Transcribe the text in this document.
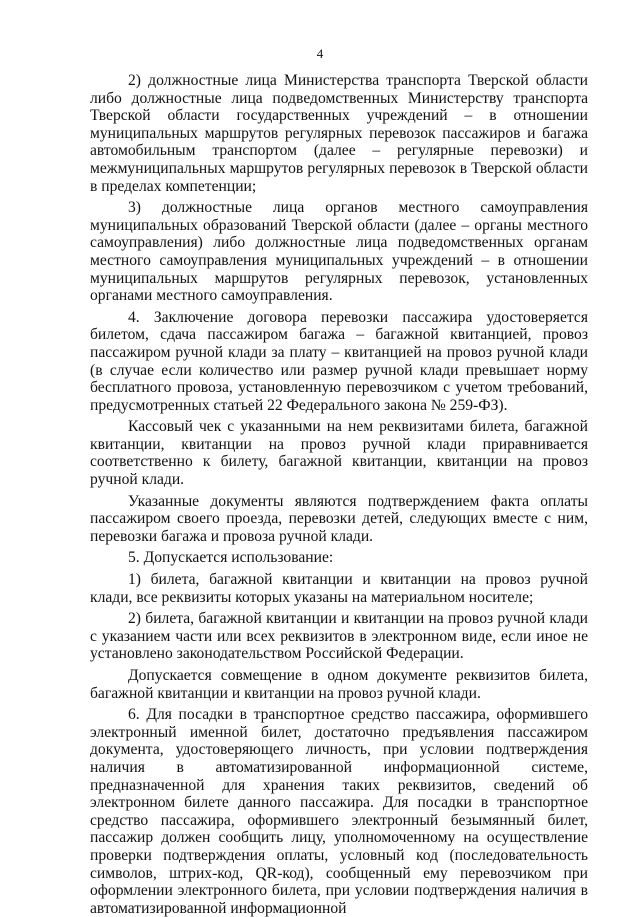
4

2) должностные лица Министерства транспорта Тверской области либо должностные лица подведомственных Министерству транспорта Тверской области государственных учреждений – в отношении муниципальных маршрутов регулярных перевозок пассажиров и багажа автомобильным транспортом (далее – регулярные перевозки) и межмуниципальных маршрутов регулярных перевозок в Тверской области в пределах компетенции;

3) должностные лица органов местного самоуправления муниципальных образований Тверской области (далее – органы местного самоуправления) либо должностные лица подведомственных органам местного самоуправления муниципальных учреждений – в отношении муниципальных маршрутов регулярных перевозок, установленных органами местного самоуправления.

4. Заключение договора перевозки пассажира удостоверяется билетом, сдача пассажиром багажа – багажной квитанцией, провоз пассажиром ручной клади за плату – квитанцией на провоз ручной клади (в случае если количество или размер ручной клади превышает норму бесплатного провоза, установленную перевозчиком с учетом требований, предусмотренных статьей 22 Федерального закона № 259-ФЗ).

Кассовый чек с указанными на нем реквизитами билета, багажной квитанции, квитанции на провоз ручной клади приравнивается соответственно к билету, багажной квитанции, квитанции на провоз ручной клади.

Указанные документы являются подтверждением факта оплаты пассажиром своего проезда, перевозки детей, следующих вместе с ним, перевозки багажа и провоза ручной клади.

5. Допускается использование:

1) билета, багажной квитанции и квитанции на провоз ручной клади, все реквизиты которых указаны на материальном носителе;

2) билета, багажной квитанции и квитанции на провоз ручной клади с указанием части или всех реквизитов в электронном виде, если иное не установлено законодательством Российской Федерации.

Допускается совмещение в одном документе реквизитов билета, багажной квитанции и квитанции на провоз ручной клади.

6. Для посадки в транспортное средство пассажира, оформившего электронный именной билет, достаточно предъявления пассажиром документа, удостоверяющего личность, при условии подтверждения наличия в автоматизированной информационной системе, предназначенной для хранения таких реквизитов, сведений об электронном билете данного пассажира. Для посадки в транспортное средство пассажира, оформившего электронный безымянный билет, пассажир должен сообщить лицу, уполномоченному на осуществление проверки подтверждения оплаты, условный код (последовательность символов, штрих-код, QR-код), сообщенный ему перевозчиком при оформлении электронного билета, при условии подтверждения наличия в автоматизированной информационной
